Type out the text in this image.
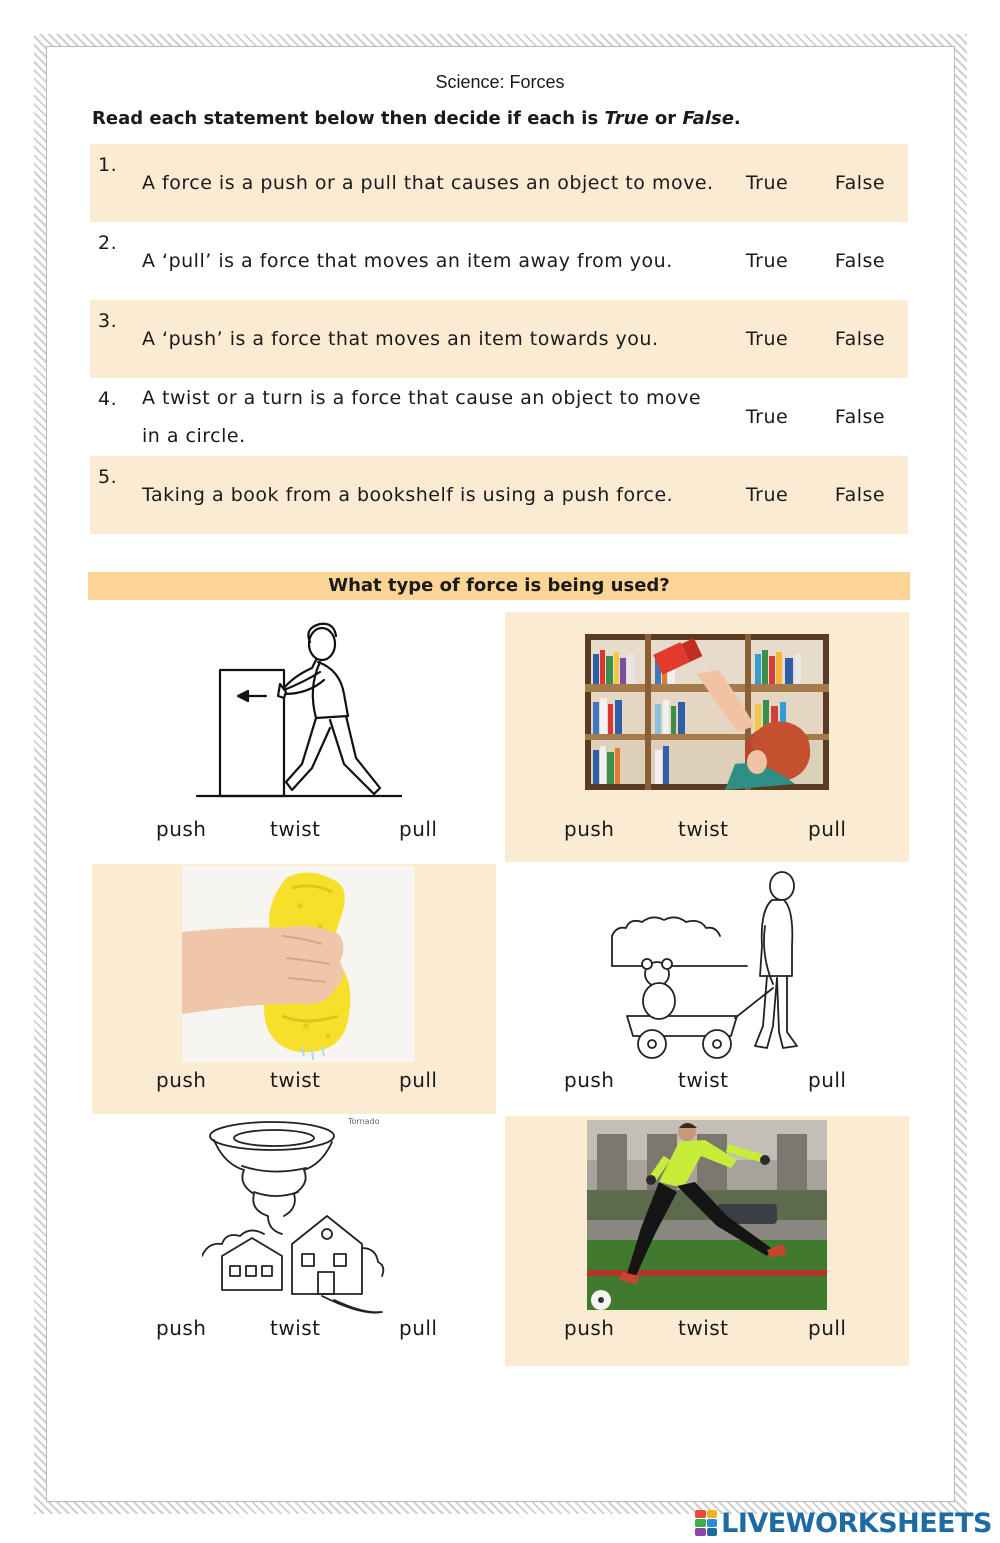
Science: Forces
Read each statement below then decide if each is True or False.
1.
A force is a push or a pull that causes an object to move.	True	False
2.
A ‘pull’ is a force that moves an item away from you.	True	False
3.
A ‘push’ is a force that moves an item towards you.	True	False
4.	A twist or a turn is a force that cause an object to move in a circle.
True	False
5.
Taking a book from a bookshelf is using a push force.	True	False
What type of force is being used?
push	twist	pull	push	twist	pull
push	twist	pull	push	twist	pull
Tornado
push	twist	pull	push	twist	pull
LIVEWORKSHEETS
